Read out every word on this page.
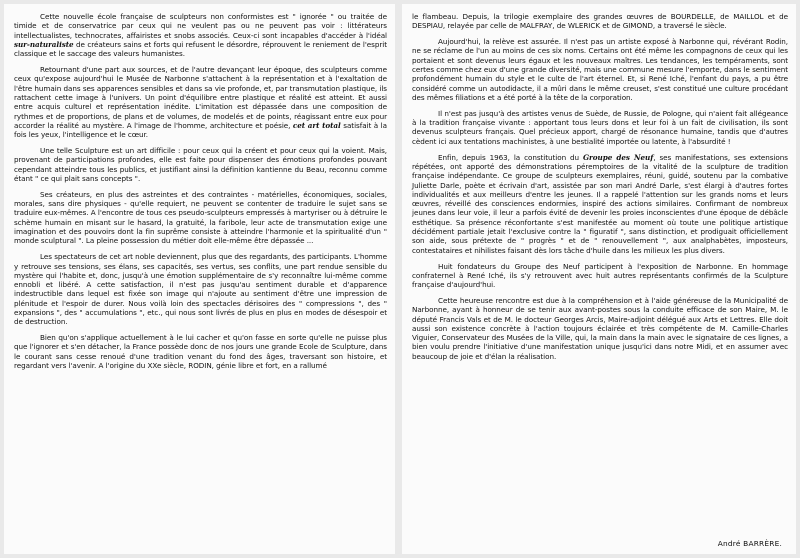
Cette nouvelle école française de sculpteurs non conformistes est " ignorée " ou traitée de timide et de conservatrice par ceux qui ne veulent pas ou ne peuvent pas voir : littérateurs intellectualistes, technocrates, affairistes et snobs associés. Ceux-ci sont incapables d'accéder à l'idéal sur-naturaliste de créateurs sains et forts qui refusent le désordre, réprouvent le reniement de l'esprit classique et le saccage des valeurs humanistes.

Retournant d'une part aux sources, et de l'autre devançant leur époque, des sculpteurs comme ceux qu'expose aujourd'hui le Musée de Narbonne s'attachent à la représentation et à l'exaltation de l'être humain dans ses apparences sensibles et dans sa vie profonde, et, par transmutation plastique, ils rattachent cette image à l'univers. Un point d'équilibre entre plastique et réalité est atteint. Et aussi entre acquis culturel et représentation inédite. L'imitation est dépassée dans une composition de rythmes et de proportions, de plans et de volumes, de modelés et de points, réagissant entre eux pour accorder la réalité au mystère. A l'image de l'homme, architecture et poésie, cet art total satisfait à la fois les yeux, l'intelligence et le cœur.

Une telle Sculpture est un art difficile : pour ceux qui la créent et pour ceux qui la voient. Mais, provenant de participations profondes, elle est faite pour dispenser des émotions profondes pouvant cependant atteindre tous les publics, et justifiant ainsi la définition kantienne du Beau, reconnu comme étant " ce qui plait sans concepts ".

Ses créateurs, en plus des astreintes et des contraintes - matérielles, économiques, sociales, morales, sans dire physiques - qu'elle requiert, ne peuvent se contenter de traduire le sujet sans se traduire eux-mêmes. A l'encontre de tous ces pseudo-sculpteurs empressés à martyriser ou à détruire le schème humain en misant sur le hasard, la gratuité, la faribole, leur acte de transmutation exige une imagination et des pouvoirs dont la fin suprême consiste à atteindre l'harmonie et la spiritualité d'un " monde sculptural ". La pleine possession du métier doit elle-même être dépassée ...

Les spectateurs de cet art noble deviennent, plus que des regardants, des participants. L'homme y retrouve ses tensions, ses élans, ses capacités, ses vertus, ses conflits, une part rendue sensible du mystère qui l'habite et, donc, jusqu'à une émotion supplémentaire de s'y reconnaître lui-même comme ennobli et libéré. A cette satisfaction, il n'est pas jusqu'au sentiment durable et d'apparence indestructible dans lequel est fixée son image qui n'ajoute au sentiment d'être une impression de plénitude et l'espoir de durer. Nous voilà loin des spectacles dérisoires des " compressions ", des " expansions ", des " accumulations ", etc., qui nous sont livrés de plus en plus en modes de désespoir et de destruction.

Bien qu'on s'applique actuellement à le lui cacher et qu'on fasse en sorte qu'elle ne puisse plus que l'ignorer et s'en détacher, la France possède donc de nos jours une grande Ecole de Sculpture, dans le courant sans cesse renoué d'une tradition venant du fond des âges, traversant son histoire, et regardant vers l'avenir. A l'origine du XXe siècle, RODIN, génie libre et fort, en a rallumé

le flambeau. Depuis, la trilogie exemplaire des grandes œuvres de BOURDELLE, de MAILLOL et de DESPIAU, relayée par celle de MALFRAY, de WLERICK et de GIMOND, a traversé le siècle.

Aujourd'hui, la relève est assurée. Il n'est pas un artiste exposé à Narbonne qui, révérant Rodin, ne se réclame de l'un au moins de ces six noms. Certains ont été même les compagnons de ceux qui les portaient et sont devenus leurs égaux et les nouveaux maîtres. Les tendances, les tempéraments, sont certes comme chez eux d'une grande diversité, mais une commune mesure l'emporte, dans le sentiment profondément humain du style et le culte de l'art éternel. Et, si René Iché, l'enfant du pays, a pu être considéré comme un autodidacte, il a mûri dans le même creuset, s'est constitué une culture procédant des mêmes filiations et a été porté à la tête de la corporation.

Il n'est pas jusqu'à des artistes venus de Suède, de Russie, de Pologne, qui n'aient fait allégeance à la tradition française vivante : apportant tous leurs dons et leur foi à un fait de civilisation, ils sont devenus sculpteurs français. Quel précieux apport, chargé de résonance humaine, tandis que d'autres cèdent ici aux tentations machinistes, à une bestialité importée ou latente, à l'absurdité !

Enfin, depuis 1963, la constitution du Groupe des Neuf, ses manifestations, ses extensions répétées, ont apporté des démonstrations péremptoires de la vitalité de la sculpture de tradition française indépendante. Ce groupe de sculpteurs exemplaires, réuni, guidé, soutenu par la combative Juliette Darle, poète et écrivain d'art, assistée par son mari André Darle, s'est élargi à d'autres fortes individualités et aux meilleurs d'entre les jeunes. Il a rappelé l'attention sur les grands noms et leurs œuvres, réveillé des consciences endormies, inspiré des actions similaires. Confirmant de nombreux jeunes dans leur voie, il leur a parfois évité de devenir les proies inconscientes d'une époque de débâcle esthétique. Sa présence réconfortante s'est manifestée au moment où toute une politique artistique décidément partiale jetait l'exclusive contre la " figuratif ", sans distinction, et prodiguait officiellement son aide, sous prétexte de " progrès " et de " renouvellement ", aux analphabètes, imposteurs, contestataires et nihilistes faisant dès lors tâche d'huile dans les milieux les plus divers.

Huit fondateurs du Groupe des Neuf participent à l'exposition de Narbonne. En hommage confraternel à René Iché, ils s'y retrouvent avec huit autres représentants confirmés de la Sculpture française d'aujourd'hui.

Cette heureuse rencontre est due à la compréhension et à l'aide généreuse de la Municipalité de Narbonne, ayant à honneur de se tenir aux avant-postes sous la conduite efficace de son Maire, M. le député Francis Vals et de M. le docteur Georges Arcis, Maire-adjoint délégué aux Arts et Lettres. Elle doit aussi son existence concrète à l'action toujours éclairée et très compétente de M. Camille-Charles Viguier, Conservateur des Musées de la Ville, qui, la main dans la main avec le signataire de ces lignes, a bien voulu prendre l'initiative d'une manifestation unique jusqu'ici dans notre Midi, et en assumer avec beaucoup de joie et d'élan la réalisation.

André BARRÈRE.
